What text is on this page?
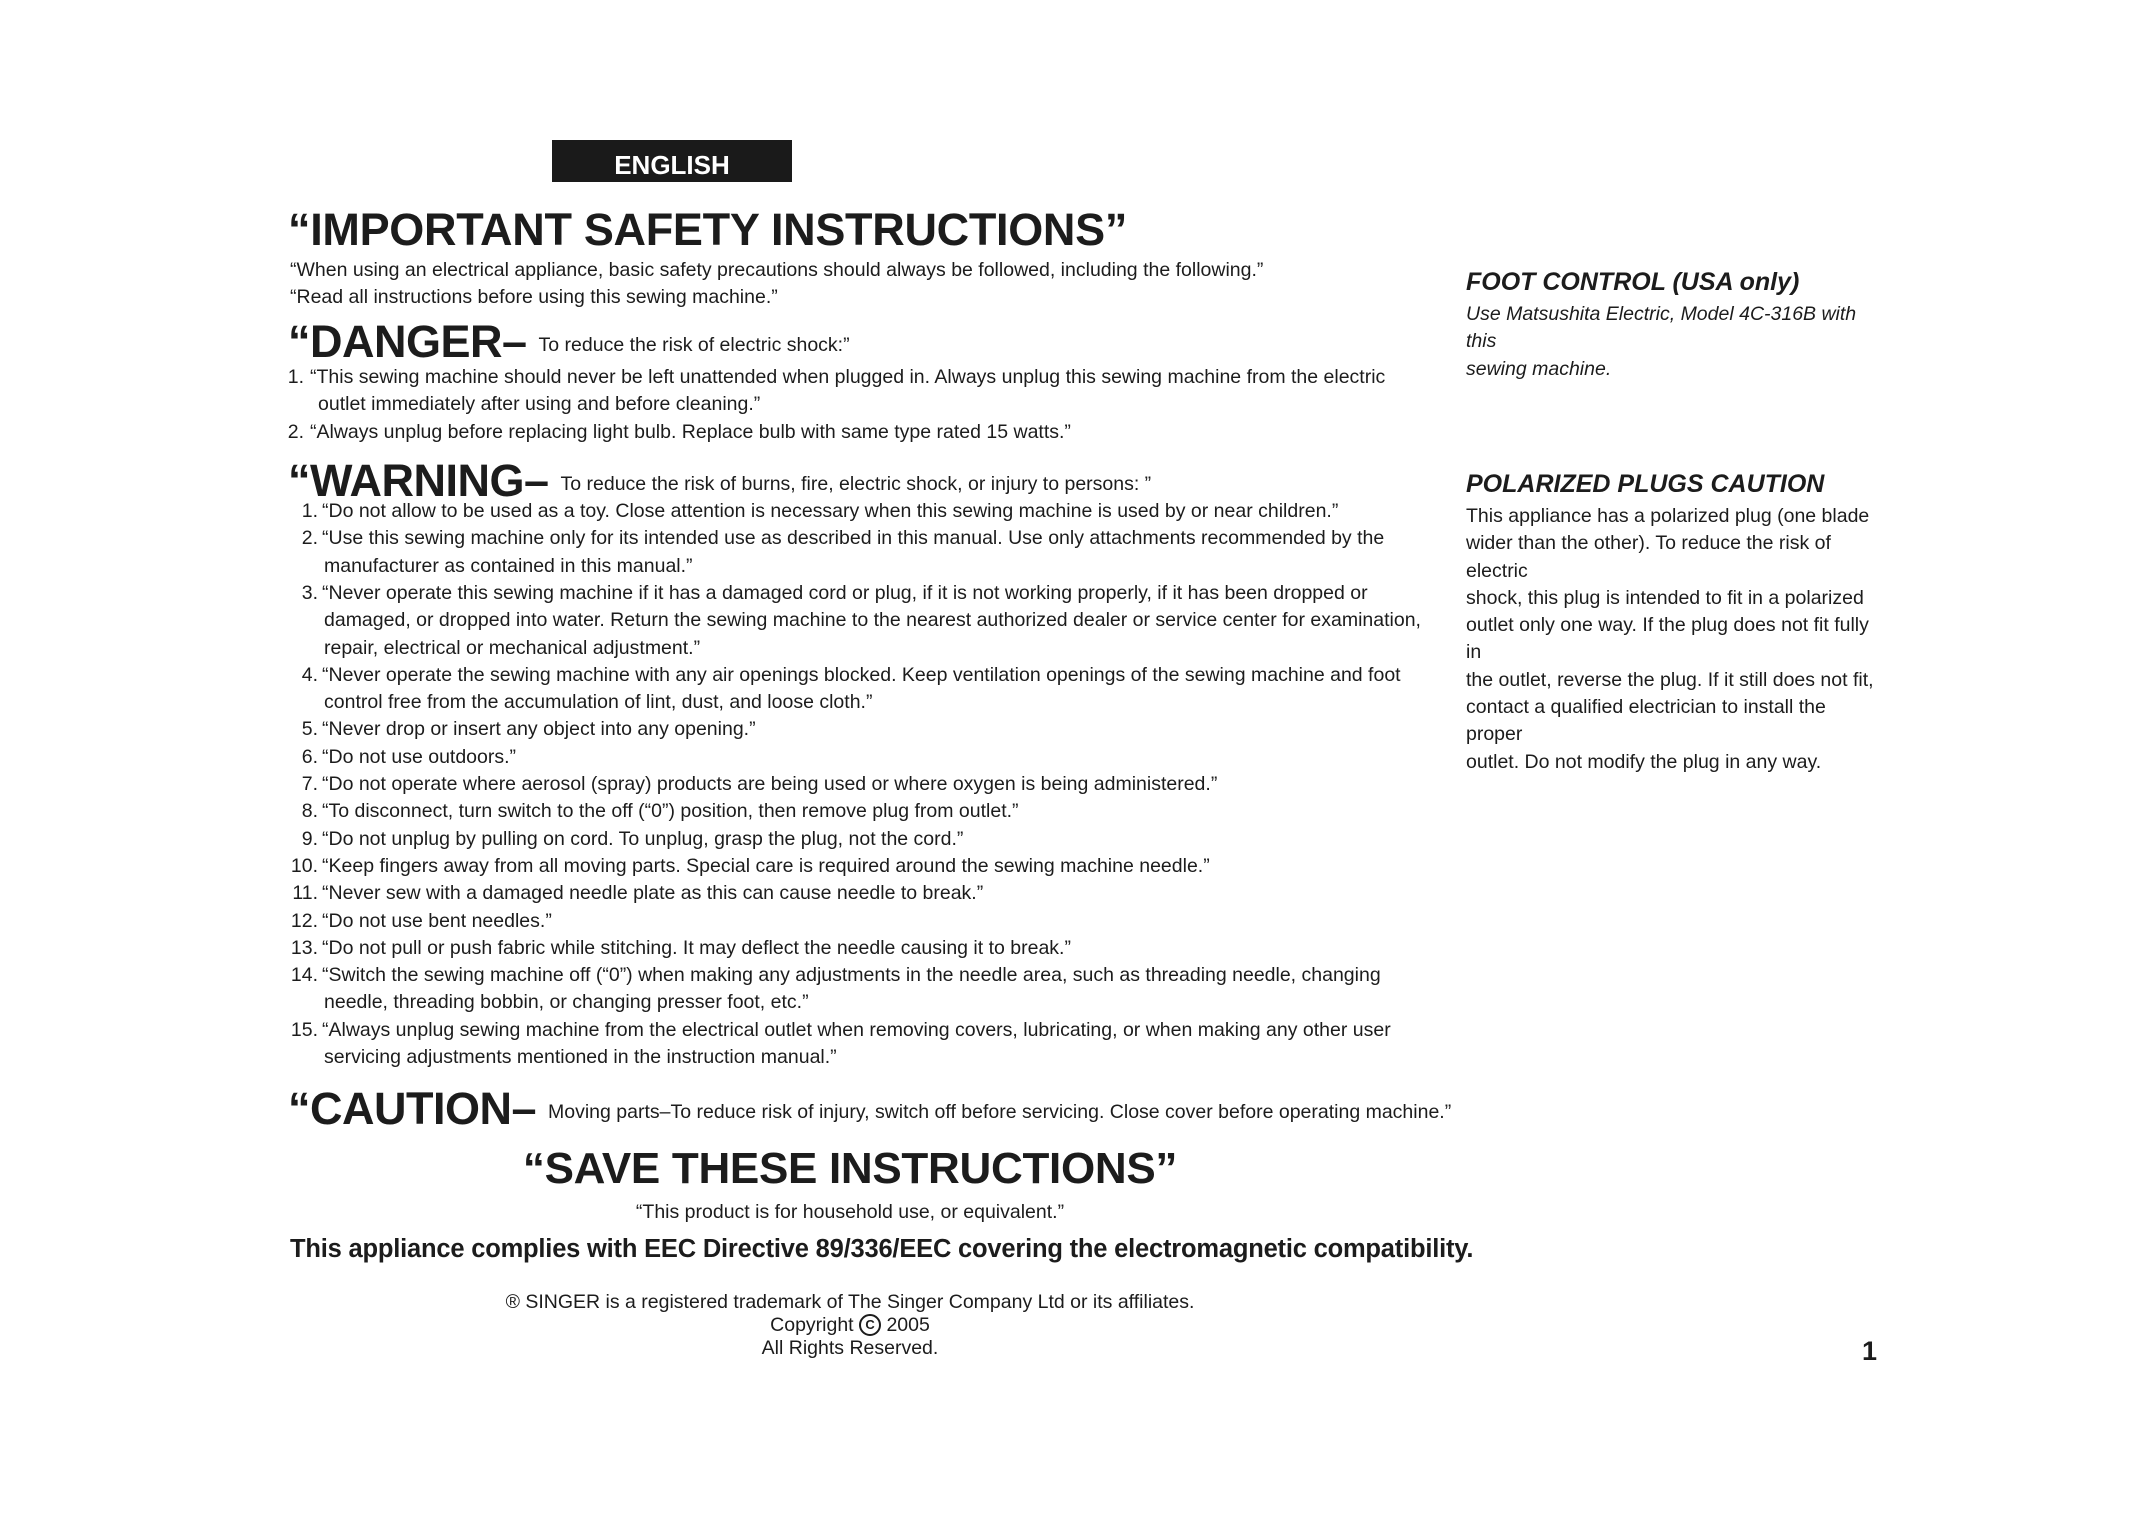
ENGLISH
“IMPORTANT SAFETY INSTRUCTIONS”
“When using an electrical appliance, basic safety precautions should always be followed, including the following.”
“Read all instructions before using this sewing machine.”
“DANGER– To reduce the risk of electric shock:”
1. “This sewing machine should never be left unattended when plugged in. Always unplug this sewing machine from the electric
outlet immediately after using and before cleaning.”
2. “Always unplug before replacing light bulb. Replace bulb with same type rated 15 watts.”
“WARNING– To reduce the risk of burns, fire, electric shock, or injury to persons: ”
1. “Do not allow to be used as a toy. Close attention is necessary when this sewing machine is used by or near children.”
2. “Use this sewing machine only for its intended use as described in this manual. Use only attachments recommended by the
manufacturer as contained in this manual.”
3. “Never operate this sewing machine if it has a damaged cord or plug, if it is not working properly, if it has been dropped or
damaged, or dropped into water. Return the sewing machine to the nearest authorized dealer or service center for examination,
repair, electrical or mechanical adjustment.”
4. “Never operate the sewing machine with any air openings blocked. Keep ventilation openings of the sewing machine and foot
control free from the accumulation of lint, dust, and loose cloth.”
5. “Never drop or insert any object into any opening.”
6. “Do not use outdoors.”
7. “Do not operate where aerosol (spray) products are being used or where oxygen is being administered.”
8. “To disconnect, turn switch to the off (“0”) position, then remove plug from outlet.”
9. “Do not unplug by pulling on cord. To unplug, grasp the plug, not the cord.”
10. “Keep fingers away from all moving parts. Special care is required around the sewing machine needle.”
11. “Never sew with a damaged needle plate as this can cause needle to break.”
12. “Do not use bent needles.”
13. “Do not pull or push fabric while stitching. It may deflect the needle causing it to break.”
14. “Switch the sewing machine off (“0”) when making any adjustments in the needle area, such as threading needle, changing
needle, threading bobbin, or changing presser foot, etc.”
15. “Always unplug sewing machine from the electrical outlet when removing covers, lubricating, or when making any other user
servicing adjustments mentioned in the instruction manual.”
“CAUTION– Moving parts–To reduce risk of injury, switch off before servicing. Close cover before operating machine.”
“SAVE THESE INSTRUCTIONS”
“This product is for household use, or equivalent.”
This appliance complies with EEC Directive 89/336/EEC covering the electromagnetic compatibility.
® SINGER is a registered trademark of The Singer Company Ltd or its affiliates.
Copyright C 2005
All Rights Reserved.
FOOT CONTROL (USA only)
Use Matsushita Electric, Model 4C-316B with this
sewing machine.
POLARIZED PLUGS CAUTION
This appliance has a polarized plug (one blade
wider than the other). To reduce the risk of electric
shock, this plug is intended to fit in a polarized
outlet only one way. If the plug does not fit fully in
the outlet, reverse the plug. If it still does not fit,
contact a qualified electrician to install the proper
outlet. Do not modify the plug in any way.
1
